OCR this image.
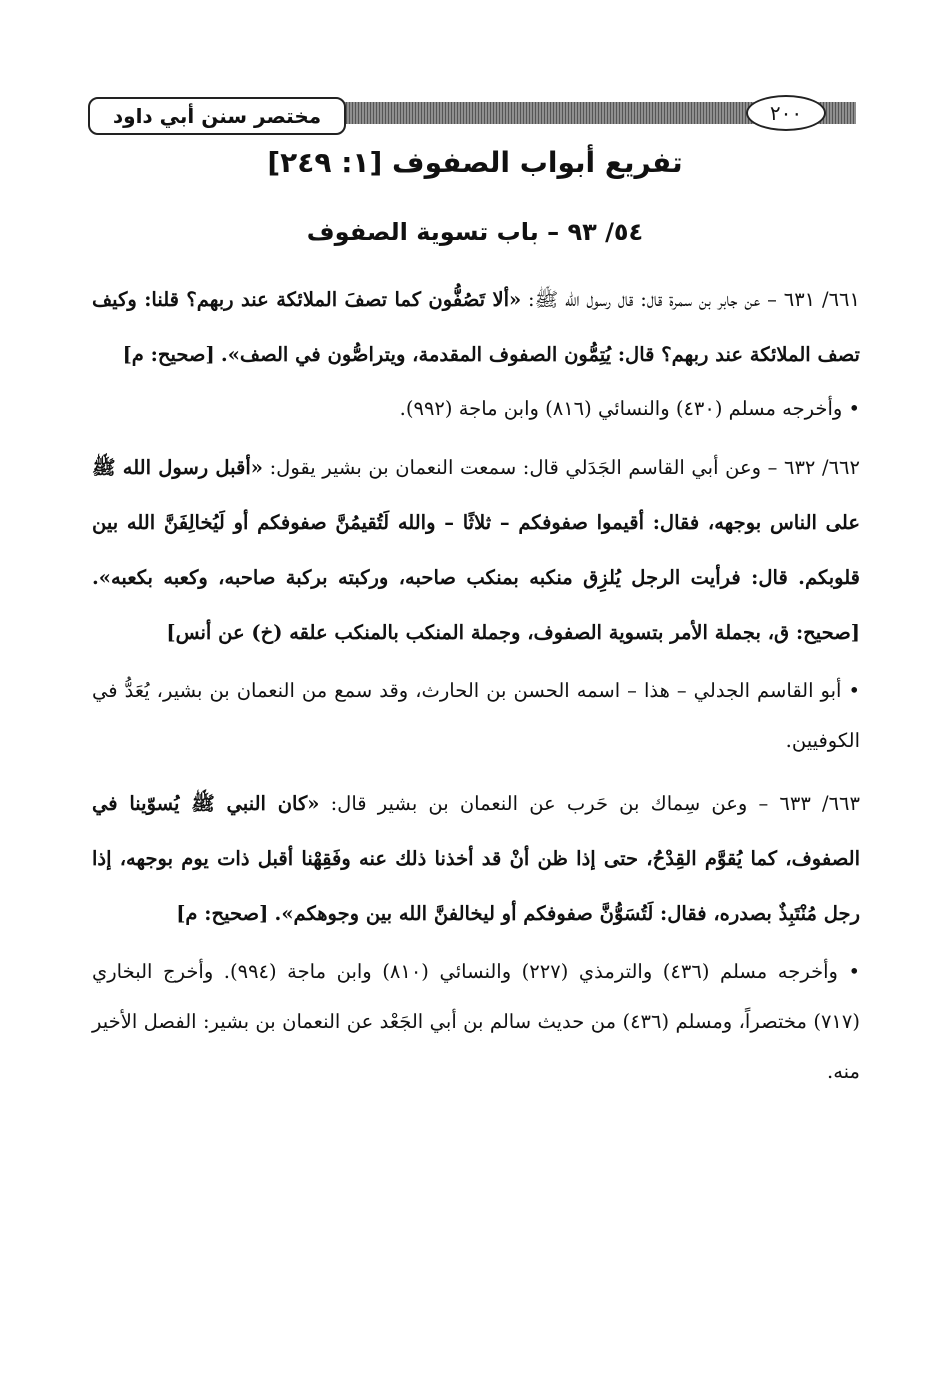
مختصر سنن أبي داود	٢٠٠
تفريع أبواب الصفوف [١: ٢٤٩]
٥٤/ ٩٣ – باب تسوية الصفوف

٦٦١/ ٦٣١ – عن جابر بن سمرة قال: قال رسول الله ﷺ: «ألا تَصُفُّون كما تصفَ الملائكة عند ربهم؟ قلنا: وكيف تصف الملائكة عند ربهم؟ قال: يُتِمُّون الصفوف المقدمة، ويتراصُّون في الصف». [صحيح: م]

• وأخرجه مسلم (٤٣٠) والنسائي (٨١٦) وابن ماجة (٩٩٢).

٦٦٢/ ٦٣٢ – وعن أبي القاسم الجَدَلي قال: سمعت النعمان بن بشير يقول: «أقبل رسول الله ﷺ على الناس بوجهه، فقال: أقيموا صفوفكم – ثلاثًا – والله لَتُقيمُنَّ صفوفكم أو لَيُخالِفَنَّ الله بين قلوبكم. قال: فرأيت الرجل يُلزِق منكبه بمنكب صاحبه، وركبته بركبة صاحبه، وكعبه بكعبه». [صحيح: ق، بجملة الأمر بتسوية الصفوف، وجملة المنكب بالمنكب علقه (خ) عن أنس]

• أبو القاسم الجدلي – هذا – اسمه الحسن بن الحارث، وقد سمع من النعمان بن بشير، يُعَدُّ في الكوفيين.

٦٦٣/ ٦٣٣ – وعن سِماك بن حَرب عن النعمان بن بشير قال: «كان النبي ﷺ يُسوّينا في الصفوف، كما يُقوَّم القِدْحُ، حتى إذا ظن أنْ قد أخذنا ذلك عنه وفَقِهْنا أقبل ذات يوم بوجهه، إذا رجل مُنْتَبِذٌ بصدره، فقال: لَتُسَوُّنَّ صفوفكم أو ليخالفنَّ الله بين وجوهكم». [صحيح: م]

• وأخرجه مسلم (٤٣٦) والترمذي (٢٢٧) والنسائي (٨١٠) وابن ماجة (٩٩٤). وأخرج البخاري (٧١٧) مختصراً، ومسلم (٤٣٦) من حديث سالم بن أبي الجَعْد عن النعمان بن بشير: الفصل الأخير منه.
